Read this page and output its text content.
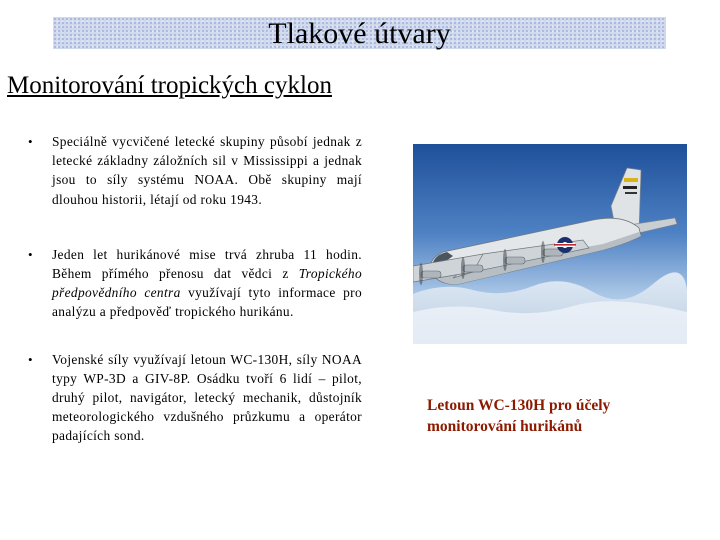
Tlakové útvary
Monitorování tropických cyklon
• Speciálně vycvičené letecké skupiny působí jednak z letecké základny záložních sil v Mississippi a jednak jsou to síly systému NOAA. Obě skupiny mají dlouhou historii, létají od roku 1943.
• Jeden let hurikánové mise trvá zhruba 11 hodin. Během přímého přenosu dat vědci z Tropického předpovědního centra využívají tyto informace pro analýzu a předpověď tropického hurikánu.
• Vojenské síly využívají letoun WC-130H, síly NOAA typy WP-3D a GIV-8P. Osádku tvoří 6 lidí – pilot, druhý pilot, navigátor, letecký mechanik, důstojník meteorologického vzdušného průzkumu a operátor padajících sond.
Letoun WC-130H pro účely monitorování hurikánů
